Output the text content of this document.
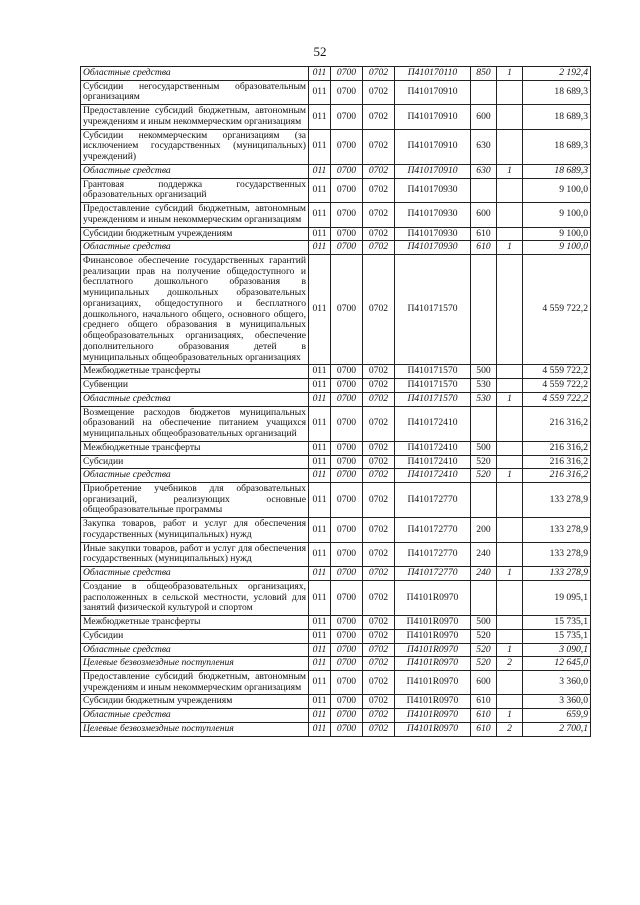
52
Областные средства	011	0700	0702	П410170110	850	1	2 192,4
Субсидии негосударственным образовательным организациям	011	0700	0702	П410170910			18 689,3
Предоставление субсидий бюджетным, автономным учреждениям и иным некоммерческим организациям	011	0700	0702	П410170910	600		18 689,3
Субсидии некоммерческим организациям (за исключением государственных (муниципальных) учреждений)	011	0700	0702	П410170910	630		18 689,3
Областные средства	011	0700	0702	П410170910	630	1	18 689,3
Грантовая поддержка государственных образовательных организаций	011	0700	0702	П410170930			9 100,0
Предоставление субсидий бюджетным, автономным учреждениям и иным некоммерческим организациям	011	0700	0702	П410170930	600		9 100,0
Субсидии бюджетным учреждениям	011	0700	0702	П410170930	610		9 100,0
Областные средства	011	0700	0702	П410170930	610	1	9 100,0
Финансовое обеспечение государственных гарантий реализации прав на получение общедоступного и бесплатного дошкольного образования в муниципальных дошкольных образовательных организациях, общедоступного и бесплатного дошкольного, начального общего, основного общего, среднего общего образования в муниципальных общеобразовательных организациях, обеспечение дополнительного образования детей в муниципальных общеобразовательных организациях	011	0700	0702	П410171570			4 559 722,2
Межбюджетные трансферты	011	0700	0702	П410171570	500		4 559 722,2
Субвенции	011	0700	0702	П410171570	530		4 559 722,2
Областные средства	011	0700	0702	П410171570	530	1	4 559 722,2
Возмещение расходов бюджетов муниципальных образований на обеспечение питанием учащихся муниципальных общеобразовательных организаций	011	0700	0702	П410172410			216 316,2
Межбюджетные трансферты	011	0700	0702	П410172410	500		216 316,2
Субсидии	011	0700	0702	П410172410	520		216 316,2
Областные средства	011	0700	0702	П410172410	520	1	216 316,2
Приобретение учебников для образовательных организаций, реализующих основные общеобразовательные программы	011	0700	0702	П410172770			133 278,9
Закупка товаров, работ и услуг для обеспечения государственных (муниципальных) нужд	011	0700	0702	П410172770	200		133 278,9
Иные закупки товаров, работ и услуг для обеспечения государственных (муниципальных) нужд	011	0700	0702	П410172770	240		133 278,9
Областные средства	011	0700	0702	П410172770	240	1	133 278,9
Создание в общеобразовательных организациях, расположенных в сельской местности, условий для занятий физической культурой и спортом	011	0700	0702	П4101R0970			19 095,1
Межбюджетные трансферты	011	0700	0702	П4101R0970	500		15 735,1
Субсидии	011	0700	0702	П4101R0970	520		15 735,1
Областные средства	011	0700	0702	П4101R0970	520	1	3 090,1
Целевые безвозмездные поступления	011	0700	0702	П4101R0970	520	2	12 645,0
Предоставление субсидий бюджетным, автономным учреждениям и иным некоммерческим организациям	011	0700	0702	П4101R0970	600		3 360,0
Субсидии бюджетным учреждениям	011	0700	0702	П4101R0970	610		3 360,0
Областные средства	011	0700	0702	П4101R0970	610	1	659,9
Целевые безвозмездные поступления	011	0700	0702	П4101R0970	610	2	2 700,1
